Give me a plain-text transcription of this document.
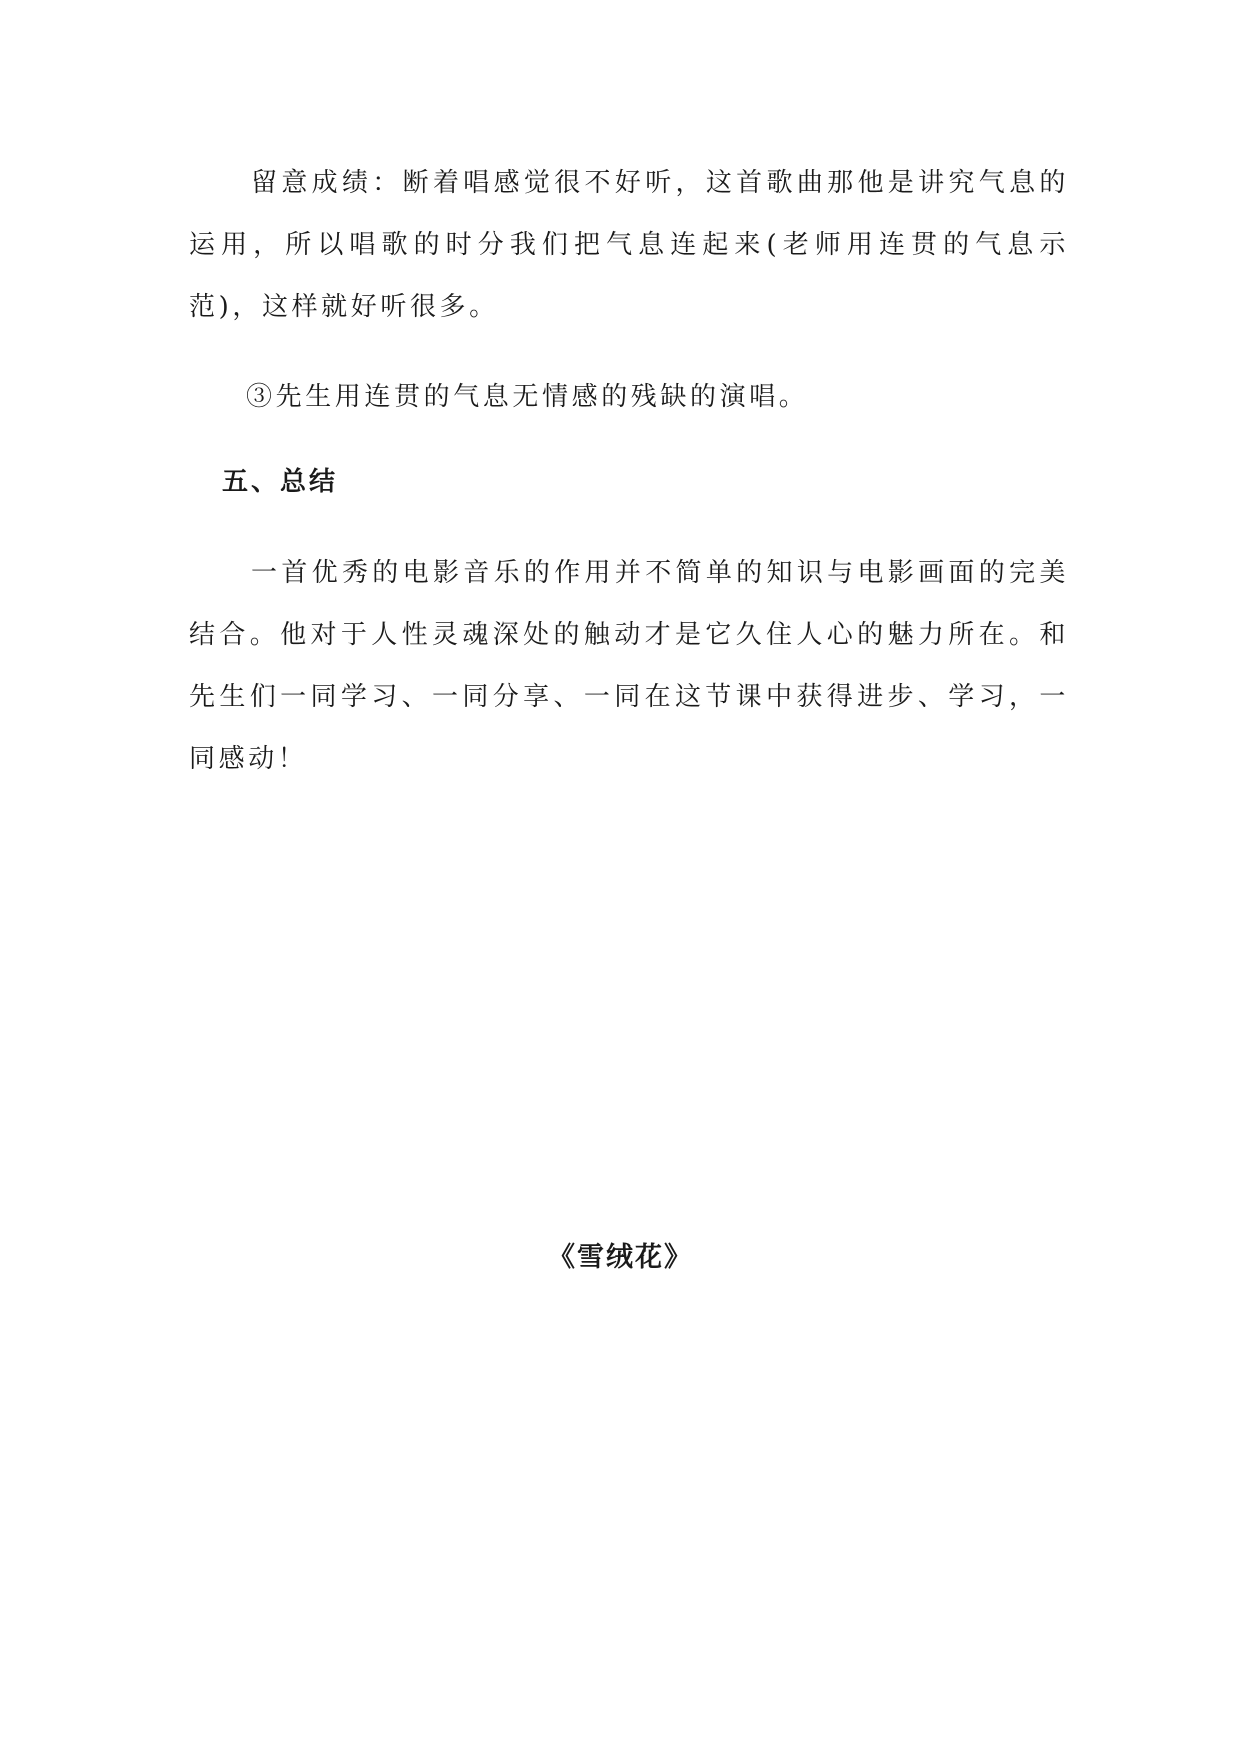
留意成绩：断着唱感觉很不好听，这首歌曲那他是讲究气息的运用，所以唱歌的时分我们把气息连起来(老师用连贯的气息示范)，这样就好听很多。

③先生用连贯的气息无情感的残缺的演唱。

五、总结

一首优秀的电影音乐的作用并不简单的知识与电影画面的完美结合。他对于人性灵魂深处的触动才是它久住人心的魅力所在。和先生们一同学习、一同分享、一同在这节课中获得进步、学习，一同感动！

《雪绒花》
